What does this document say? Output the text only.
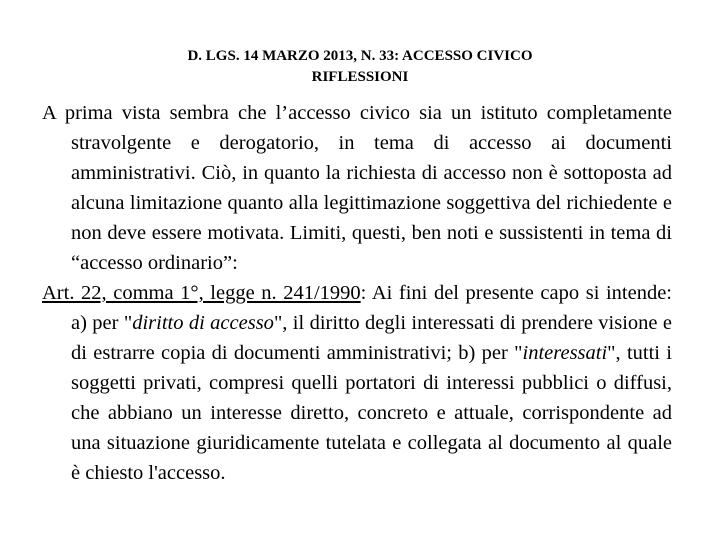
D. LGS. 14 MARZO 2013, N. 33: ACCESSO CIVICO
RIFLESSIONI

A prima vista sembra che l’accesso civico sia un istituto completamente stravolgente e derogatorio, in tema di accesso ai documenti amministrativi. Ciò, in quanto la richiesta di accesso non è sottoposta ad alcuna limitazione quanto alla legittimazione soggettiva del richiedente e non deve essere motivata. Limiti, questi, ben noti e sussistenti in tema di “accesso ordinario”:

Art. 22, comma 1°, legge n. 241/1990: Ai fini del presente capo si intende: a) per "diritto di accesso", il diritto degli interessati di prendere visione e di estrarre copia di documenti amministrativi; b) per "interessati", tutti i soggetti privati, compresi quelli portatori di interessi pubblici o diffusi, che abbiano un interesse diretto, concreto e attuale, corrispondente ad una situazione giuridicamente tutelata e collegata al documento al quale è chiesto l'accesso.
